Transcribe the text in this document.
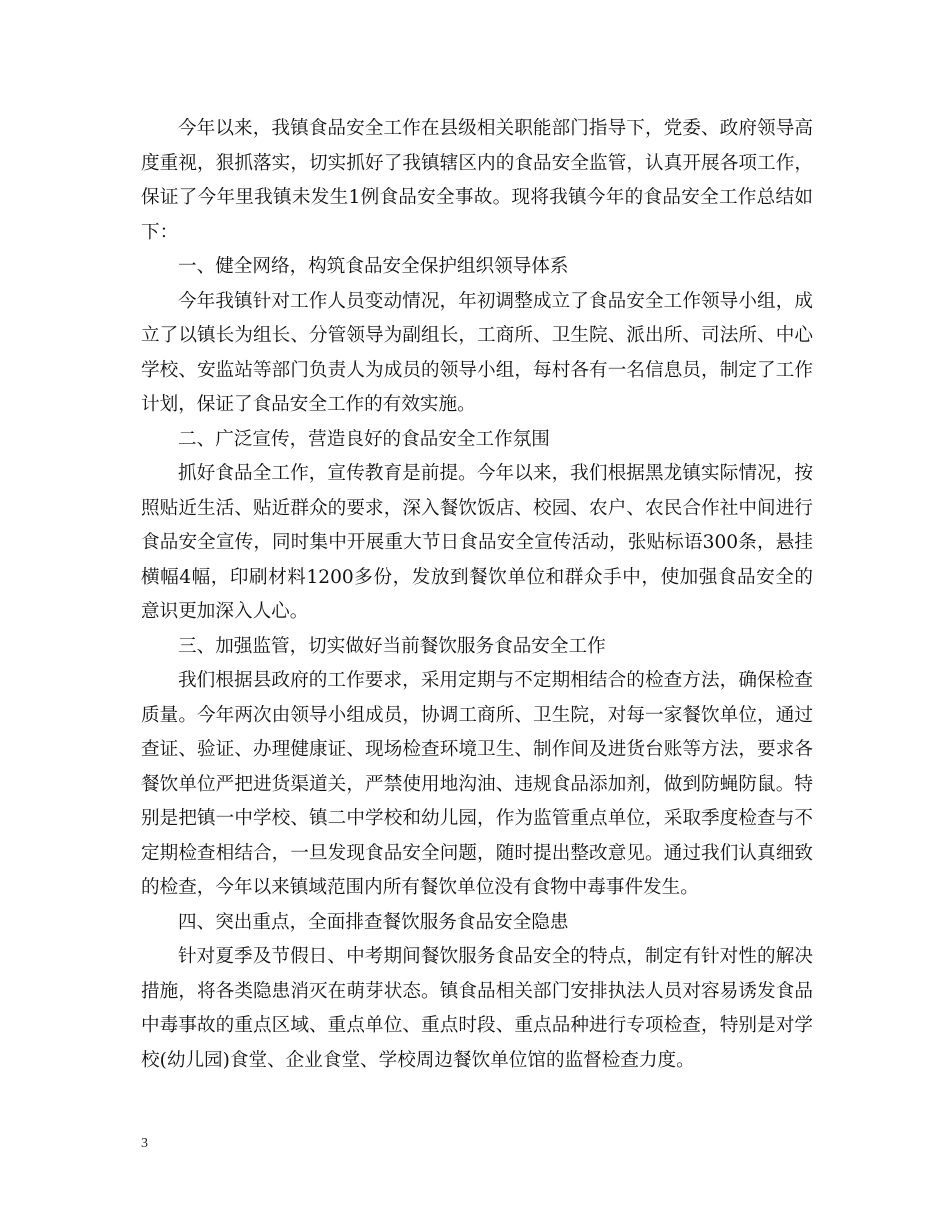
今年以来，我镇食品安全工作在县级相关职能部门指导下，党委、政府领导高度重视，狠抓落实，切实抓好了我镇辖区内的食品安全监管，认真开展各项工作，保证了今年里我镇未发生1例食品安全事故。现将我镇今年的食品安全工作总结如下：

一、健全网络，构筑食品安全保护组织领导体系

今年我镇针对工作人员变动情况，年初调整成立了食品安全工作领导小组，成立了以镇长为组长、分管领导为副组长，工商所、卫生院、派出所、司法所、中心学校、安监站等部门负责人为成员的领导小组，每村各有一名信息员，制定了工作计划，保证了食品安全工作的有效实施。

二、广泛宣传，营造良好的食品安全工作氛围

抓好食品全工作，宣传教育是前提。今年以来，我们根据黑龙镇实际情况，按照贴近生活、贴近群众的要求，深入餐饮饭店、校园、农户、农民合作社中间进行食品安全宣传，同时集中开展重大节日食品安全宣传活动，张贴标语300条，悬挂横幅4幅，印刷材料1200多份，发放到餐饮单位和群众手中，使加强食品安全的意识更加深入人心。

三、加强监管，切实做好当前餐饮服务食品安全工作

我们根据县政府的工作要求，采用定期与不定期相结合的检查方法，确保检查质量。今年两次由领导小组成员，协调工商所、卫生院，对每一家餐饮单位，通过查证、验证、办理健康证、现场检查环境卫生、制作间及进货台账等方法，要求各餐饮单位严把进货渠道关，严禁使用地沟油、违规食品添加剂，做到防蝇防鼠。特别是把镇一中学校、镇二中学校和幼儿园，作为监管重点单位，采取季度检查与不定期检查相结合，一旦发现食品安全问题，随时提出整改意见。通过我们认真细致的检查，今年以来镇域范围内所有餐饮单位没有食物中毒事件发生。

四、突出重点，全面排查餐饮服务食品安全隐患

针对夏季及节假日、中考期间餐饮服务食品安全的特点，制定有针对性的解决措施，将各类隐患消灭在萌芽状态。镇食品相关部门安排执法人员对容易诱发食品中毒事故的重点区域、重点单位、重点时段、重点品种进行专项检查，特别是对学校(幼儿园)食堂、企业食堂、学校周边餐饮单位馆的监督检查力度。

3
